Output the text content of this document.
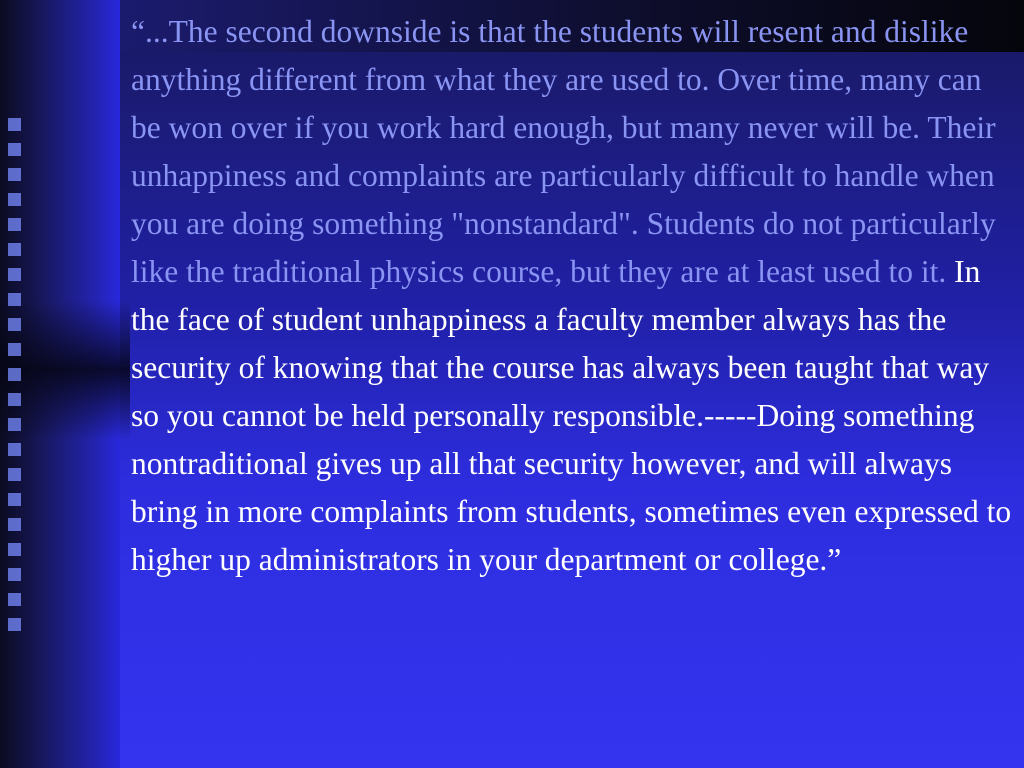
“...The second downside is that the students will resent and dislike anything different from what they are used to. Over time, many can be won over if you work hard enough, but many never will be. Their unhappiness and complaints are particularly difficult to handle when you are doing something "nonstandard". Students do not particularly like the traditional physics course, but they are at least used to it. In the face of student unhappiness a faculty member always has the security of knowing that the course has always been taught that way so you cannot be held personally responsible.-----Doing something nontraditional gives up all that security however, and will always bring in more complaints from students, sometimes even expressed to higher up administrators in your department or college.”
